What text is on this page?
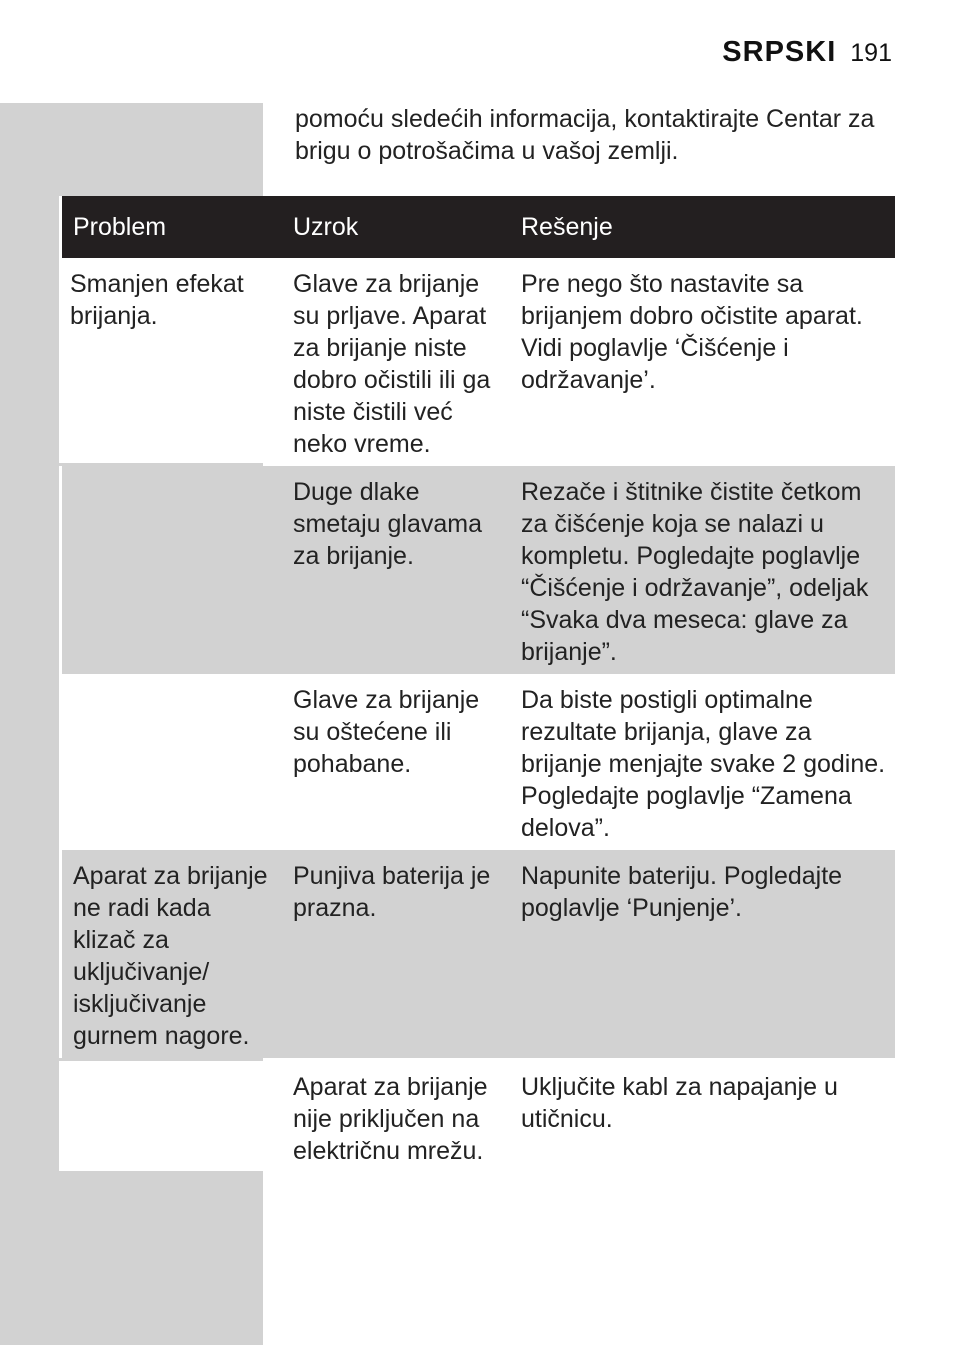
SRPSKI 191
pomoću sledećih informacija, kontaktirajte Centar za brigu o potrošačima u vašoj zemlji.
Problem	Uzrok	Rešenje
Smanjen efekat brijanja.
Glave za brijanje su prljave. Aparat za brijanje niste dobro očistili ili ga niste čistili već neko vreme.
Pre nego što nastavite sa brijanjem dobro očistite aparat. Vidi poglavlje ‘Čišćenje i održavanje’.
Duge dlake smetaju glavama za brijanje.
Rezače i štitnike čistite četkom za čišćenje koja se nalazi u kompletu. Pogledajte poglavlje “Čišćenje i održavanje”, odeljak “Svaka dva meseca: glave za brijanje”.
Glave za brijanje su oštećene ili pohabane.
Da biste postigli optimalne rezultate brijanja, glave za brijanje menjajte svake 2 godine. Pogledajte poglavlje “Zamena delova”.
Aparat za brijanje ne radi kada klizač za uključivanje/ isključivanje gurnem nagore.
Punjiva baterija je prazna.
Napunite bateriju. Pogledajte poglavlje ‘Punjenje’.
Aparat za brijanje nije priključen na električnu mrežu.
Uključite kabl za napajanje u utičnicu.
